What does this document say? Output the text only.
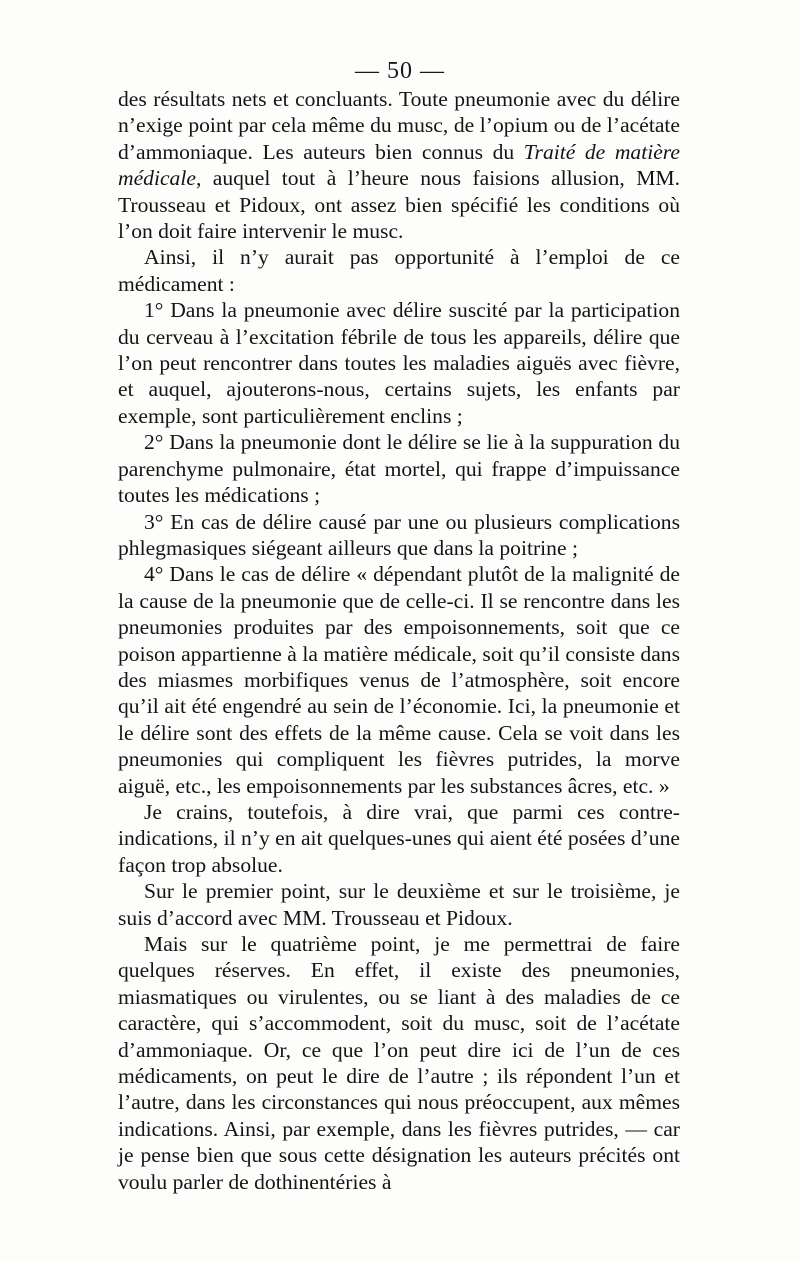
— 50 —

des résultats nets et concluants. Toute pneumonie avec du délire n’exige point par cela même du musc, de l’opium ou de l’acétate d’ammoniaque. Les auteurs bien connus du Traité de matière médicale, auquel tout à l’heure nous faisions allusion, MM. Trousseau et Pidoux, ont assez bien spécifié les conditions où l’on doit faire intervenir le musc.

Ainsi, il n’y aurait pas opportunité à l’emploi de ce médicament :

1° Dans la pneumonie avec délire suscité par la participation du cerveau à l’excitation fébrile de tous les appareils, délire que l’on peut rencontrer dans toutes les maladies aiguës avec fièvre, et auquel, ajouterons-nous, certains sujets, les enfants par exemple, sont particulièrement enclins ;

2° Dans la pneumonie dont le délire se lie à la suppuration du parenchyme pulmonaire, état mortel, qui frappe d’impuissance toutes les médications ;

3° En cas de délire causé par une ou plusieurs complications phlegmasiques siégeant ailleurs que dans la poitrine ;

4° Dans le cas de délire « dépendant plutôt de la malignité de la cause de la pneumonie que de celle-ci. Il se rencontre dans les pneumonies produites par des empoisonnements, soit que ce poison appartienne à la matière médicale, soit qu’il consiste dans des miasmes morbifiques venus de l’atmosphère, soit encore qu’il ait été engendré au sein de l’économie. Ici, la pneumonie et le délire sont des effets de la même cause. Cela se voit dans les pneumonies qui compliquent les fièvres putrides, la morve aiguë, etc., les empoisonnements par les substances âcres, etc. »

Je crains, toutefois, à dire vrai, que parmi ces contre-indications, il n’y en ait quelques-unes qui aient été posées d’une façon trop absolue.

Sur le premier point, sur le deuxième et sur le troisième, je suis d’accord avec MM. Trousseau et Pidoux.

Mais sur le quatrième point, je me permettrai de faire quelques réserves. En effet, il existe des pneumonies, miasmatiques ou virulentes, ou se liant à des maladies de ce caractère, qui s’accommodent, soit du musc, soit de l’acétate d’ammoniaque. Or, ce que l’on peut dire ici de l’un de ces médicaments, on peut le dire de l’autre ; ils répondent l’un et l’autre, dans les circonstances qui nous préoccupent, aux mêmes indications. Ainsi, par exemple, dans les fièvres putrides, — car je pense bien que sous cette désignation les auteurs précités ont voulu parler de dothinentéries à
